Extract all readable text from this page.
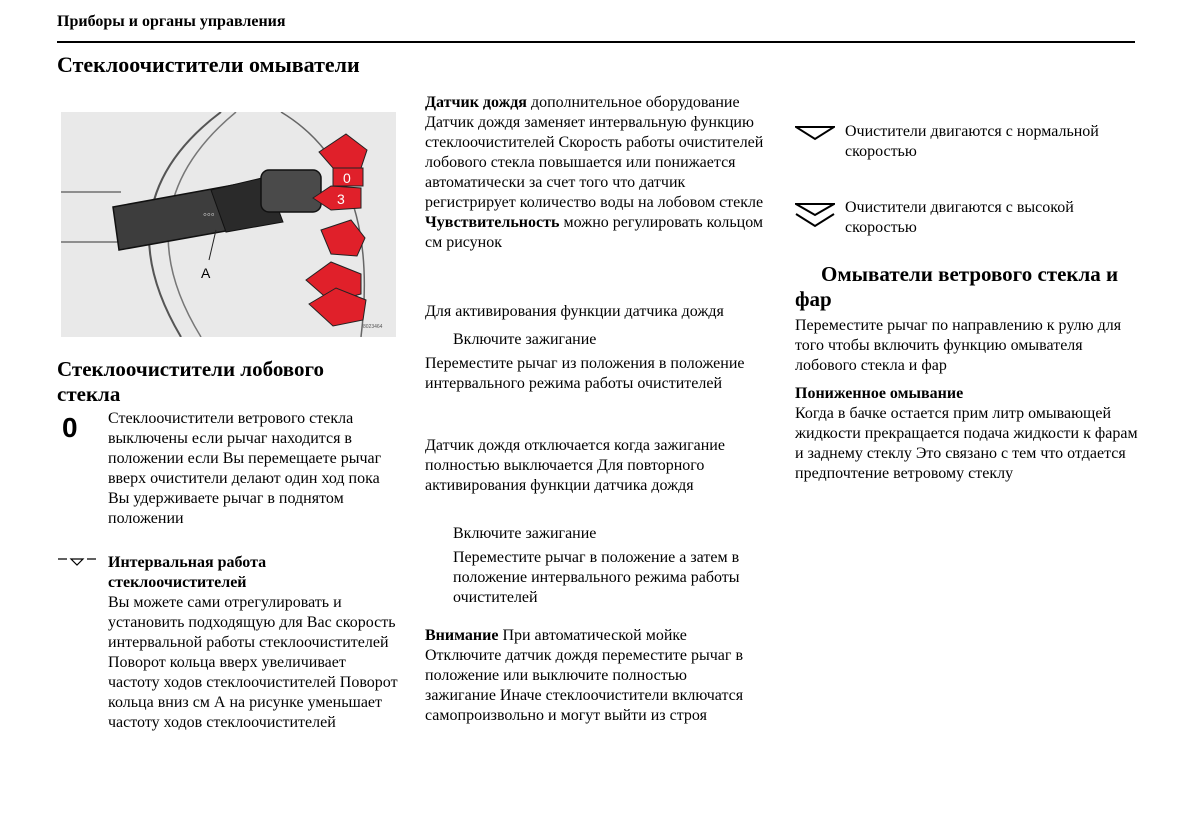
Приборы и органы управления
Стеклоочистители омыватели
◦◦◦
A
0
3
8023464
Стеклоочистители лобового стекла
0 Стеклоочистители ветрового стекла выключены если рычаг находится в положении если Вы перемещаете рычаг вверх очистители делают один ход пока Вы удерживаете рычаг в поднятом положении
Интервальная работа стеклоочистителей
Вы можете сами отрегулировать и установить подходящую для Вас скорость интервальной работы стеклоочистителей Поворот кольца вверх увеличивает частоту ходов стеклоочистителей Поворот кольца вниз см А на рисунке уменьшает частоту ходов стеклоочистителей
Датчик дождя дополнительное оборудование Датчик дождя заменяет интервальную функцию стеклоочистителей Скорость работы очистителей лобового стекла повышается или понижается автоматически за счет того что датчик регистрирует количество воды на лобовом стекле Чувствительность можно регулировать кольцом см рисунок
Для активирования функции датчика дождя
Включите зажигание
Переместите рычаг из положения в положение интервального режима работы очистителей
Датчик дождя отключается когда зажигание полностью выключается Для повторного активирования функции датчика дождя
Включите зажигание
Переместите рычаг в положение а затем в положение интервального режима работы очистителей
Внимание При автоматической мойке Отключите датчик дождя переместите рычаг в положение или выключите полностью зажигание Иначе стеклоочистители включатся самопроизвольно и могут выйти из строя
Очистители двигаются с нормальной скоростью
Очистители двигаются с высокой скоростью
Омыватели ветрового стекла и
фар
Переместите рычаг по направлению к рулю для того чтобы включить функцию омывателя лобового стекла и фар
Пониженное омывание
Когда в бачке остается прим литр омывающей жидкости прекращается подача жидкости к фарам и заднему стеклу Это связано с тем что отдается предпочтение ветровому стеклу
